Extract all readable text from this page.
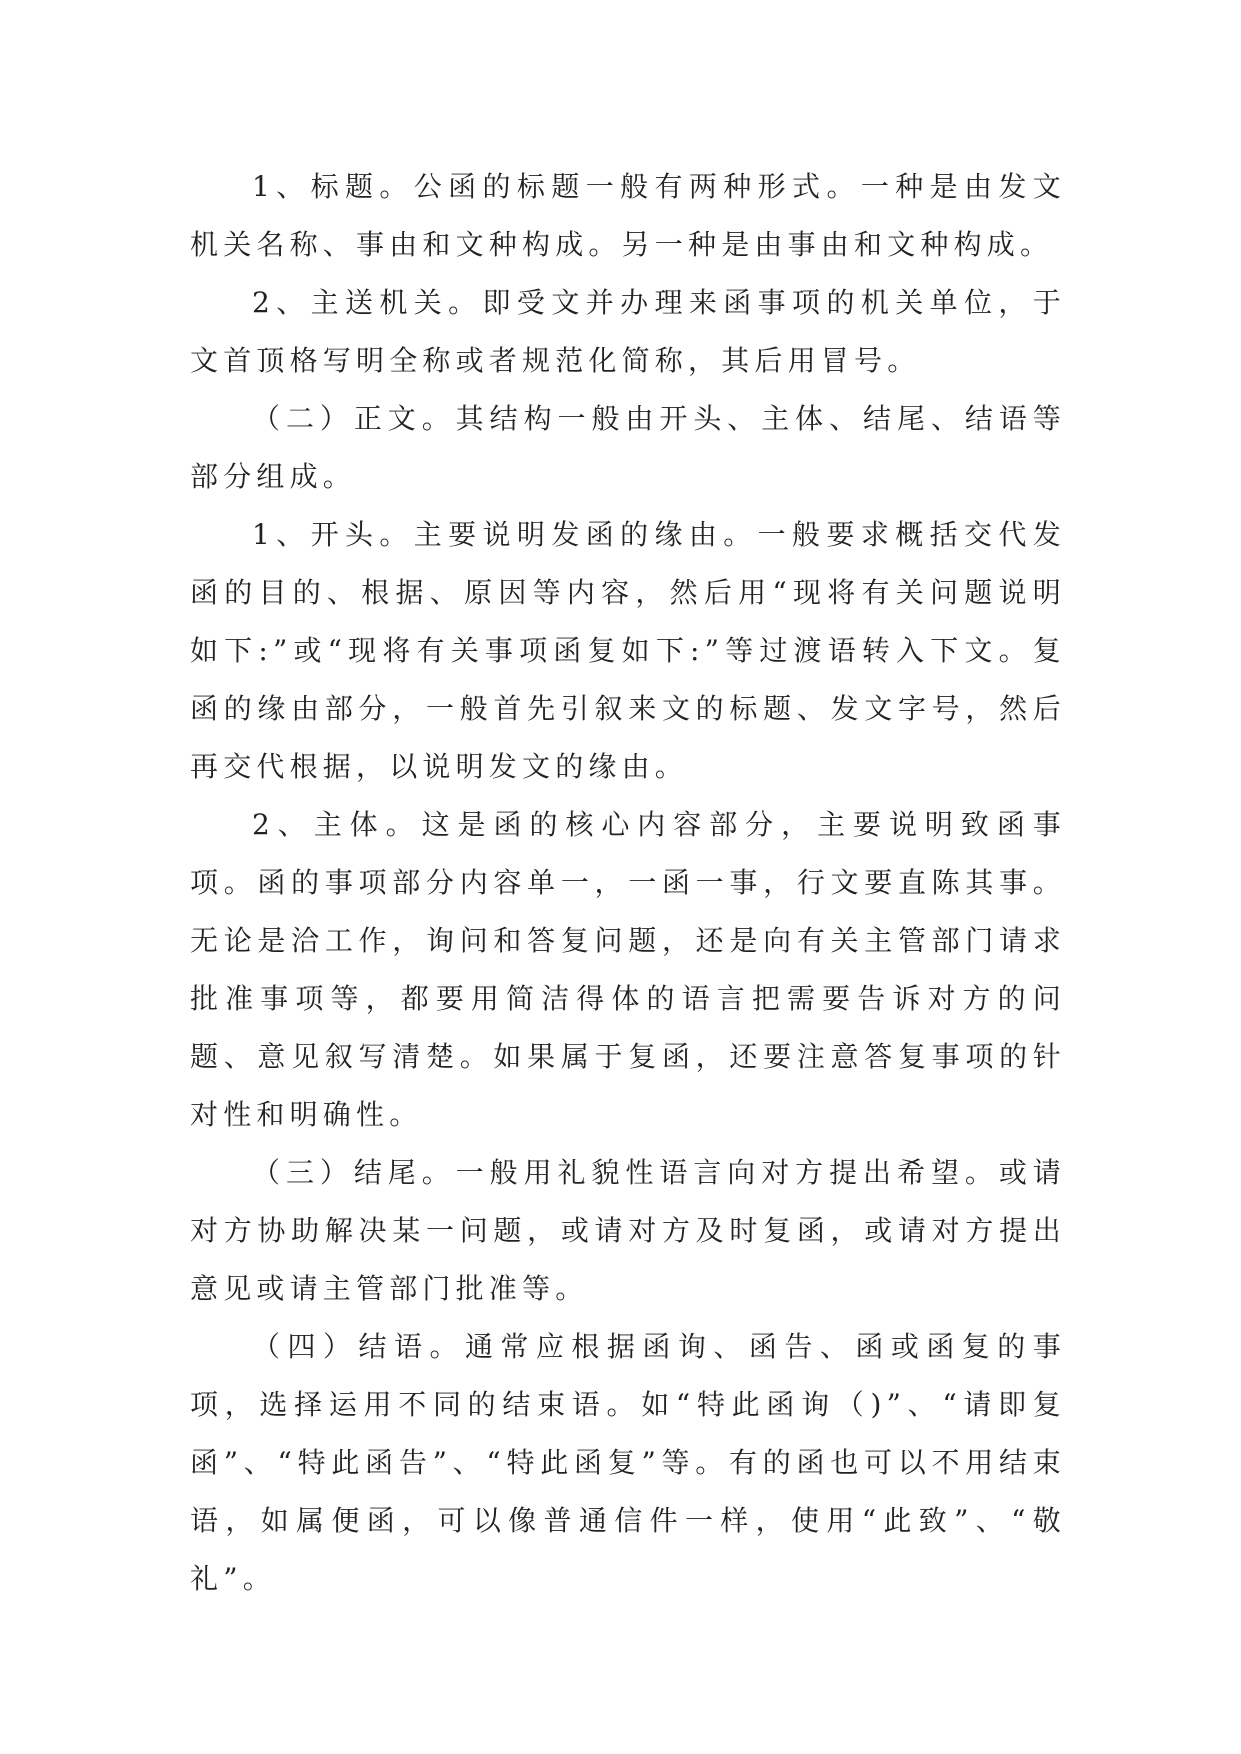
1、标题。公函的标题一般有两种形式。一种是由发文机关名称、事由和文种构成。另一种是由事由和文种构成。

2、主送机关。即受文并办理来函事项的机关单位，于文首顶格写明全称或者规范化简称，其后用冒号。

（二）正文。其结构一般由开头、主体、结尾、结语等部分组成。

1、开头。主要说明发函的缘由。一般要求概括交代发函的目的、根据、原因等内容，然后用“现将有关问题说明如下:”或“现将有关事项函复如下:”等过渡语转入下文。复函的缘由部分，一般首先引叙来文的标题、发文字号，然后再交代根据，以说明发文的缘由。

2、主体。这是函的核心内容部分，主要说明致函事项。函的事项部分内容单一，一函一事，行文要直陈其事。无论是洽工作，询问和答复问题，还是向有关主管部门请求批准事项等，都要用简洁得体的语言把需要告诉对方的问题、意见叙写清楚。如果属于复函，还要注意答复事项的针对性和明确性。

（三）结尾。一般用礼貌性语言向对方提出希望。或请对方协助解决某一问题，或请对方及时复函，或请对方提出意见或请主管部门批准等。

（四）结语。通常应根据函询、函告、函或函复的事项，选择运用不同的结束语。如“特此函询（)”、“请即复函”、“特此函告”、“特此函复”等。有的函也可以不用结束语，如属便函，可以像普通信件一样，使用“此致”、“敬礼”。
